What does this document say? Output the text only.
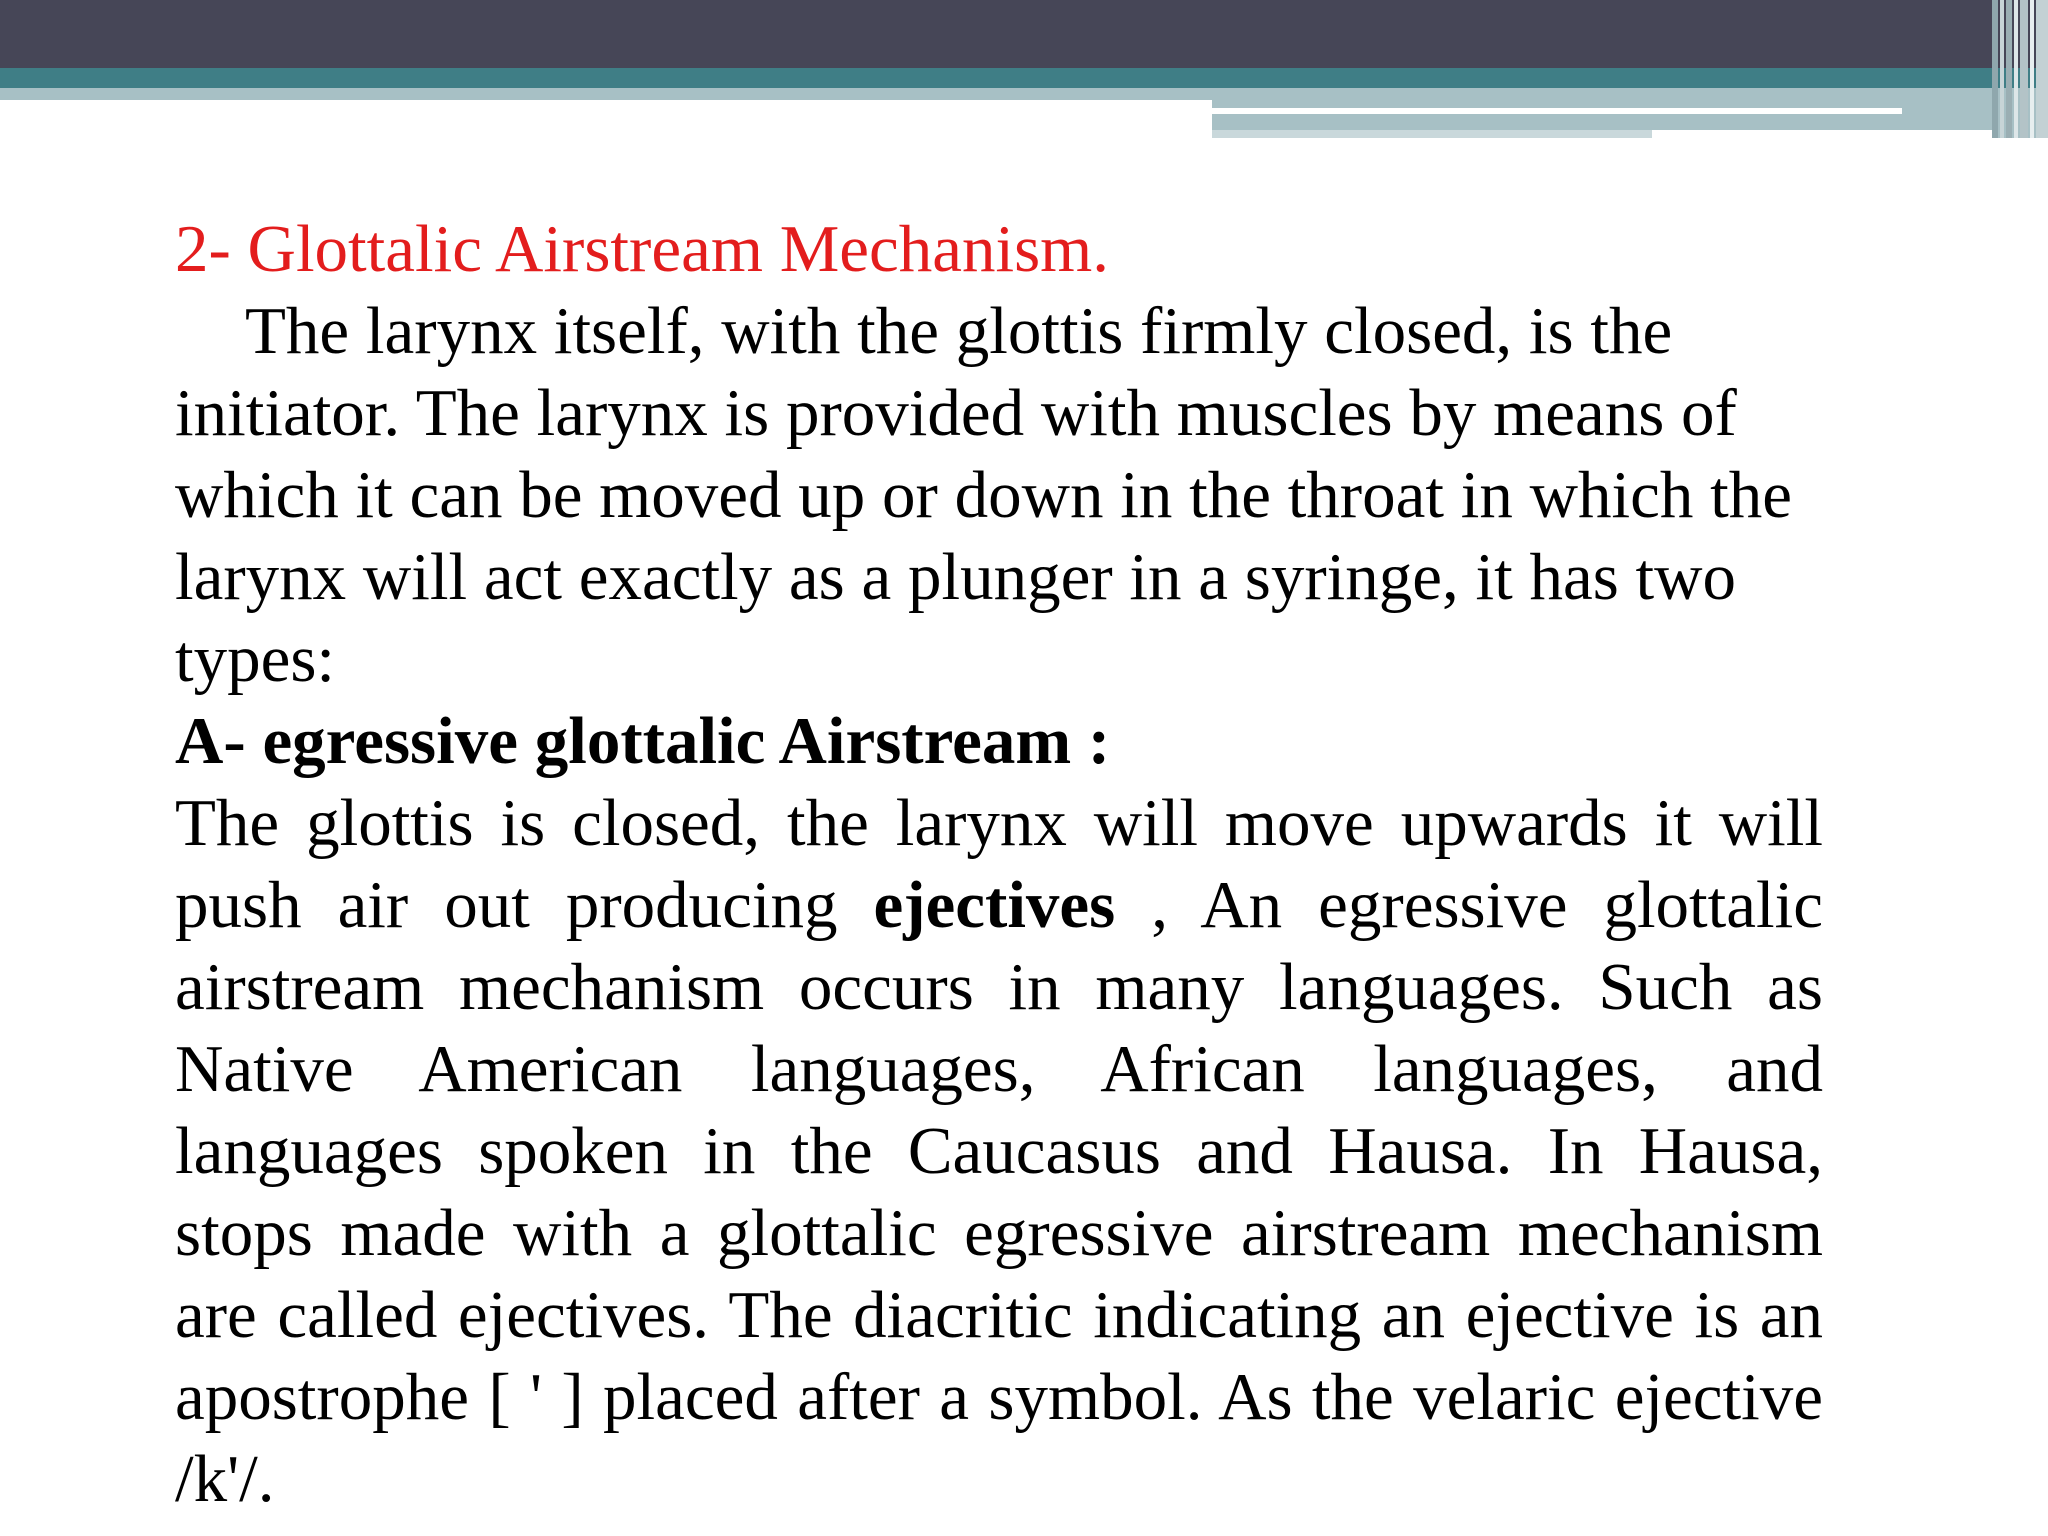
2- Glottalic Airstream Mechanism.

The larynx itself, with the glottis firmly closed, is the initiator. The larynx is provided with muscles by means of which it can be moved up or down in the throat in which the larynx will act exactly as a plunger in a syringe, it has two types:

A- egressive glottalic Airstream :

The glottis is closed, the larynx will move upwards it will push air out producing ejectives , An egressive glottalic airstream mechanism occurs in many languages. Such as Native American languages, African languages, and languages spoken in the Caucasus and Hausa. In Hausa, stops made with a glottalic egressive airstream mechanism are called ejectives. The diacritic indicating an ejective is an apostrophe [ ' ] placed after a symbol. As the velaric ejective /k'/.
